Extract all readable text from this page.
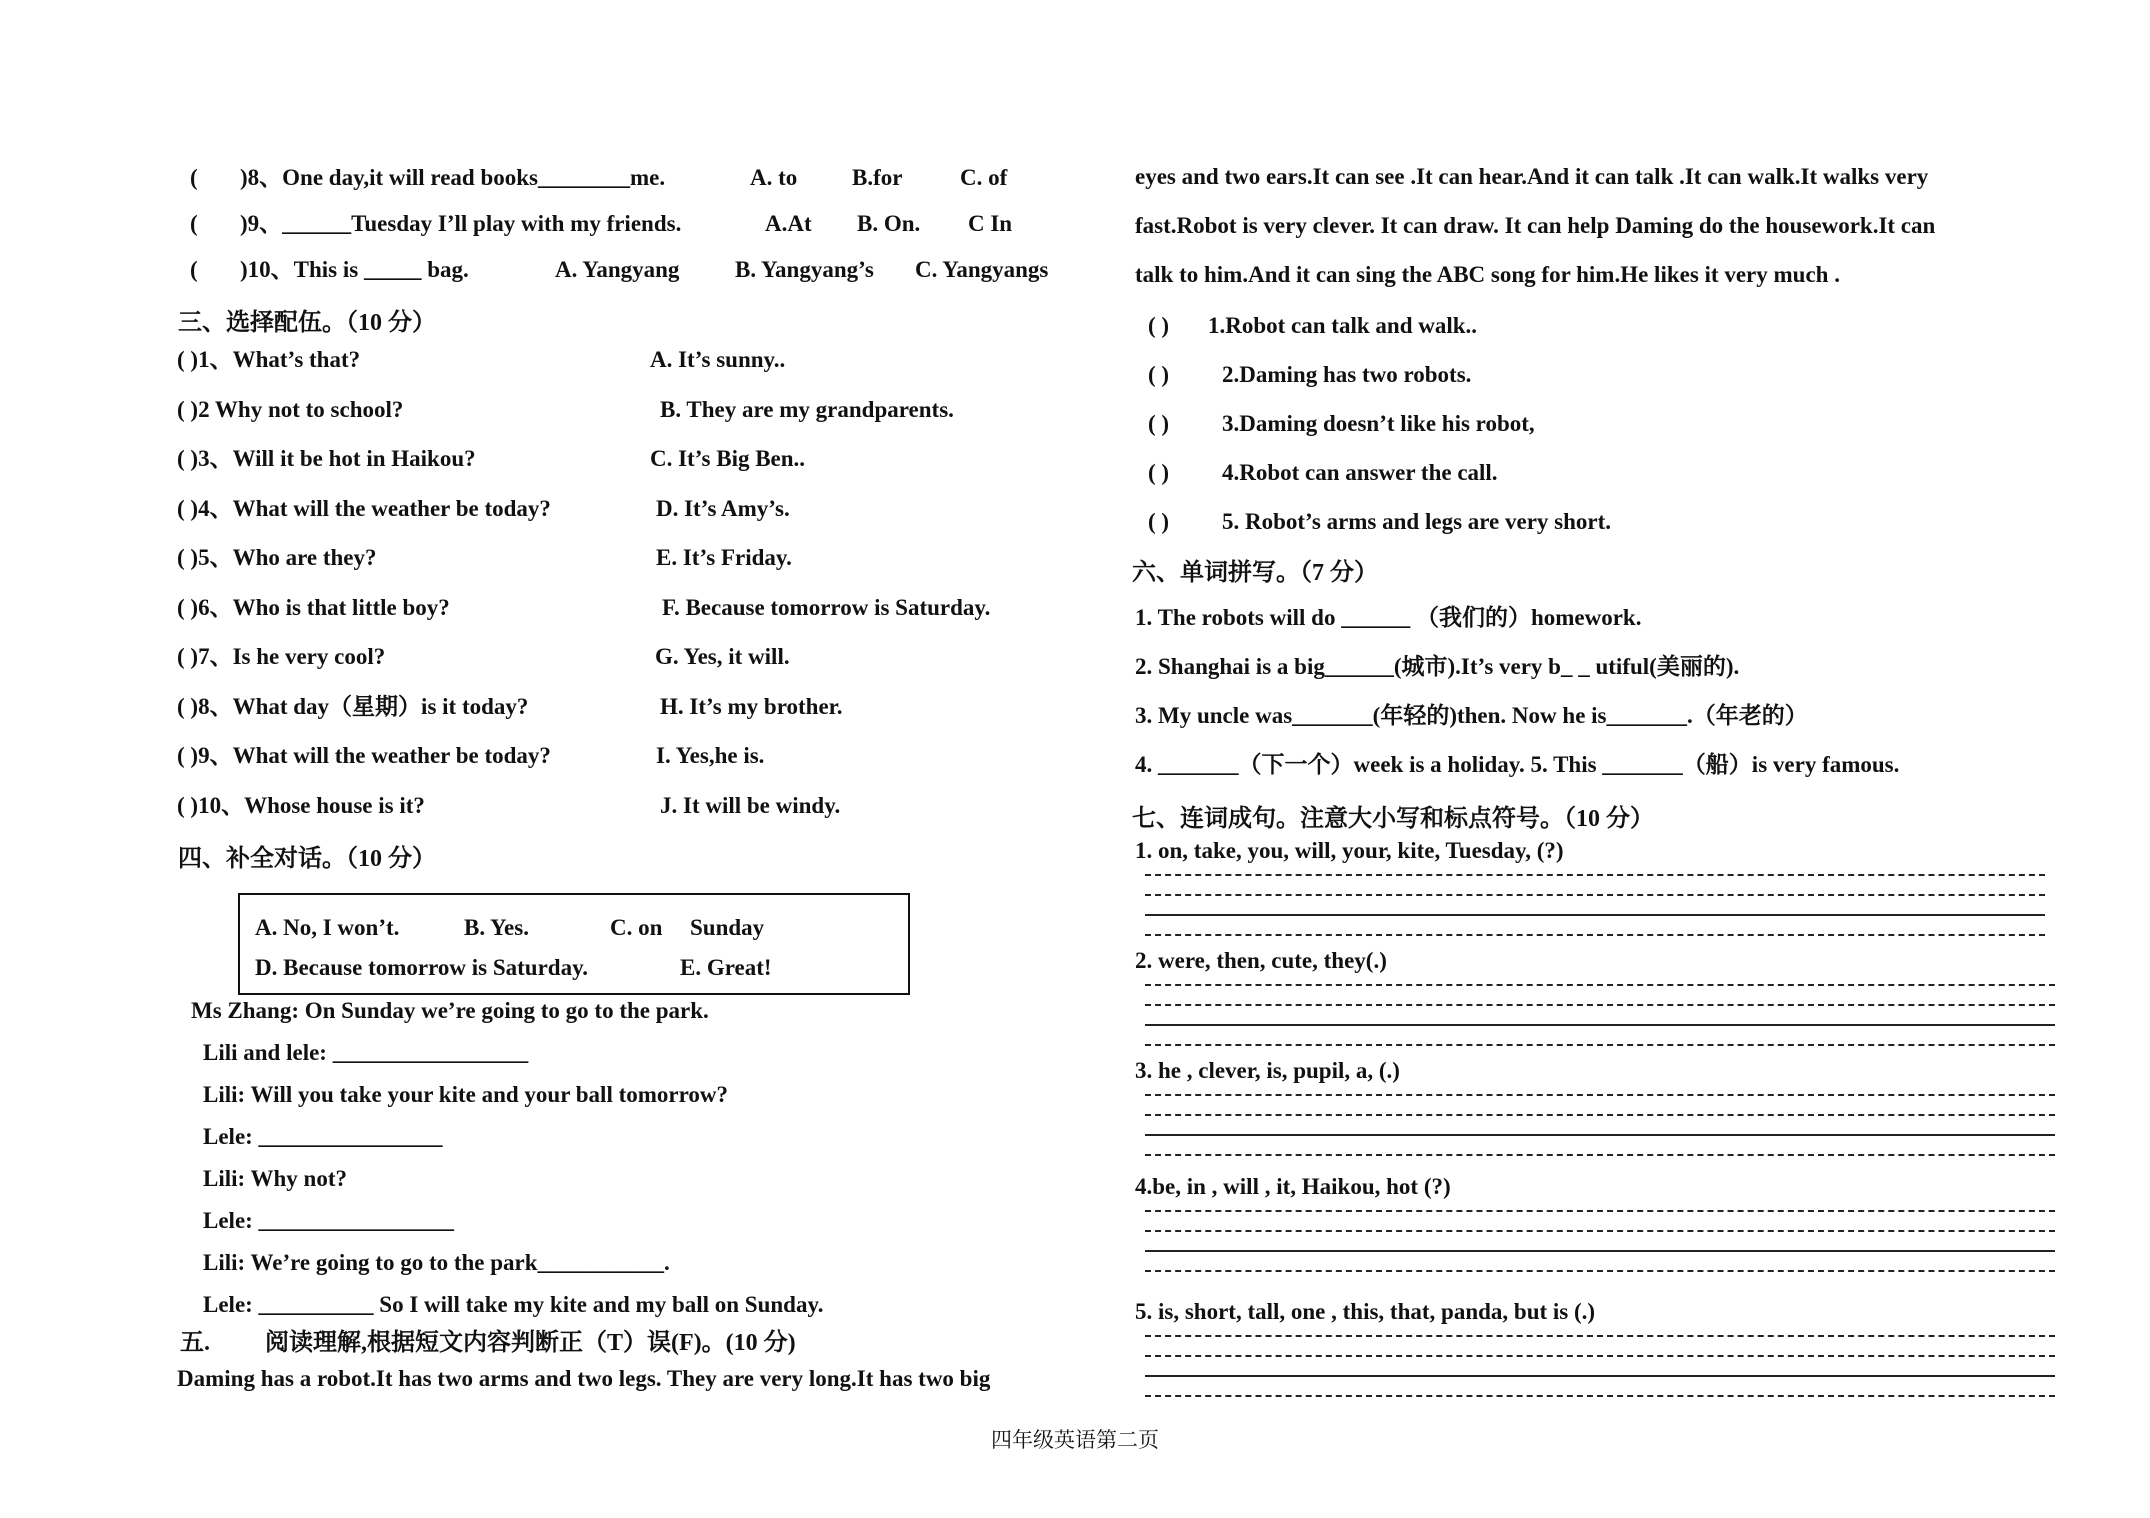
( )8、One day,it will read books________me.	A. to B.for	C. of
( )9、______Tuesday I’ll play with my friends.	A.At B. On. C In
( )10、This is _____ bag.	A. Yangyang B. Yangyang’s C. Yangyangs
三、选择配伍。（10 分）
( )1、What’s that?	A. It’s sunny..
( )2 Why not to school?	B. They are my grandparents.
( )3、Will it be hot in Haikou?	C. It’s Big Ben..
( )4、What will the weather be today?	D. It’s Amy’s.
( )5、Who are they?	E. It’s Friday.
( )6、Who is that little boy?	F. Because tomorrow is Saturday.
( )7、Is he very cool?	G. Yes, it will.
( )8、What day（星期）is it today?	H. It’s my brother.
( )9、What will the weather be today?	I. Yes,he is.
( )10、Whose house is it?	J. It will be windy.
四、补全对话。（10 分）
A. No, I won’t.	B. Yes.	C. on Sunday
D. Because tomorrow is Saturday.	E. Great!
Ms Zhang: On Sunday we’re going to go to the park.
Lili and lele: _________________
Lili: Will you take your kite and your ball tomorrow?
Lele: ________________
Lili: Why not?
Lele: _________________
Lili: We’re going to go to the park___________.
Lele: __________ So I will take my kite and my ball on Sunday.
五. 阅读理解,根据短文内容判断正（T）误(F)。(10 分)
Daming has a robot.It has two arms and two legs. They are very long.It has two big
eyes and two ears.It can see .It can hear.And it can talk .It can walk.It walks very
fast.Robot is very clever. It can draw. It can help Daming do the housework.It can
talk to him.And it can sing the ABC song for him.He likes it very much .
( ) 1.Robot can talk and walk..
( ) 2.Daming has two robots.
( ) 3.Daming doesn’t like his robot,
( ) 4.Robot can answer the call.
( ) 5. Robot’s arms and legs are very short.
六、单词拼写。（7 分）
1. The robots will do ______ （我们的）homework.
2. Shanghai is a big______(城市).It’s very b_ _ utiful(美丽的).
3. My uncle was_______(年轻的)then. Now he is_______.（年老的）
4. _______（下一个）week is a holiday. 5. This _______（船）is very famous.
七、连词成句。注意大小写和标点符号。（10 分）
1. on, take, you, will, your, kite, Tuesday, (?)
2. were, then, cute, they(.)
3. he , clever, is, pupil, a, (.)
4.be, in , will , it, Haikou, hot (?)
5. is, short, tall, one , this, that, panda, but is (.)
四年级英语第二页
